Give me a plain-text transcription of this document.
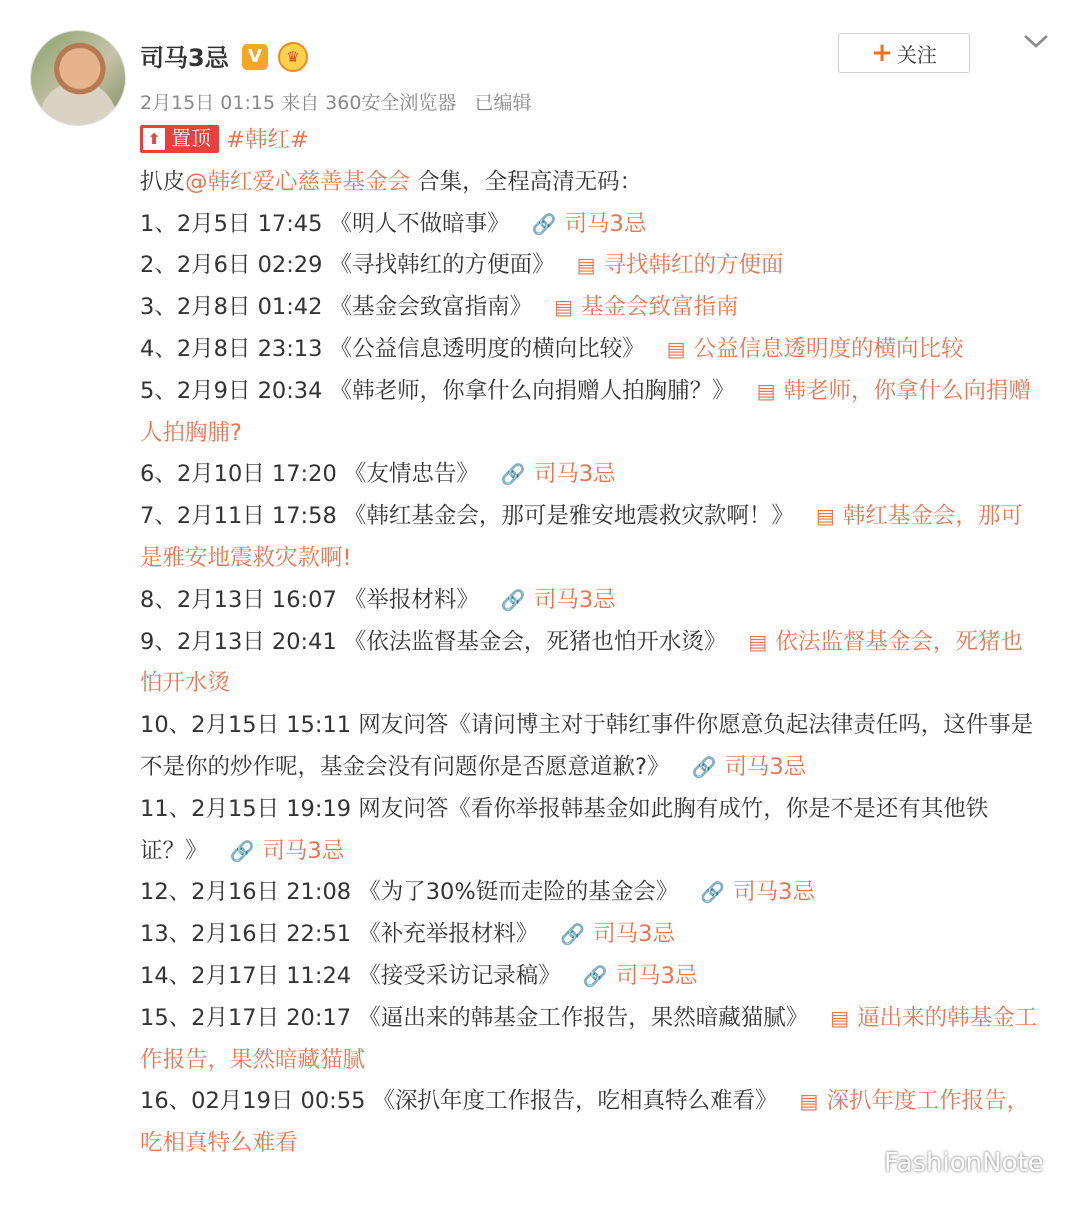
司马3忌	V	♛
2月15日 01:15 来自 360安全浏览器   已编辑
+ 关注
⬆ 置顶 #韩红#
扒皮@韩红爱心慈善基金会 合集，全程高清无码：
1、2月5日 17:45 《明人不做暗事》 🔗 司马3忌
2、2月6日 02:29 《寻找韩红的方便面》 ▤ 寻找韩红的方便面
3、2月8日 01:42 《基金会致富指南》 ▤ 基金会致富指南
4、2月8日 23:13 《公益信息透明度的横向比较》 ▤ 公益信息透明度的横向比较
5、2月9日 20:34 《韩老师，你拿什么向捐赠人拍胸脯？》 ▤ 韩老师，你拿什么向捐赠人拍胸脯?
6、2月10日 17:20 《友情忠告》 🔗 司马3忌
7、2月11日 17:58 《韩红基金会，那可是雅安地震救灾款啊！》 ▤ 韩红基金会，那可是雅安地震救灾款啊!
8、2月13日 16:07 《举报材料》 🔗 司马3忌
9、2月13日 20:41 《依法监督基金会，死猪也怕开水烫》 ▤ 依法监督基金会，死猪也怕开水烫
10、2月15日 15:11 网友问答《请问博主对于韩红事件你愿意负起法律责任吗，这件事是不是你的炒作呢，基金会没有问题你是否愿意道歉?》 🔗 司马3忌
11、2月15日 19:19 网友问答《看你举报韩基金如此胸有成竹，你是不是还有其他铁证？》 🔗 司马3忌
12、2月16日 21:08 《为了30%铤而走险的基金会》 🔗 司马3忌
13、2月16日 22:51 《补充举报材料》 🔗 司马3忌
14、2月17日 11:24 《接受采访记录稿》 🔗 司马3忌
15、2月17日 20:17 《逼出来的韩基金工作报告，果然暗藏猫腻》 ▤ 逼出来的韩基金工作报告，果然暗藏猫腻
16、02月19日 00:55 《深扒年度工作报告，吃相真特么难看》 ▤ 深扒年度工作报告，吃相真特么难看
FashionNote
